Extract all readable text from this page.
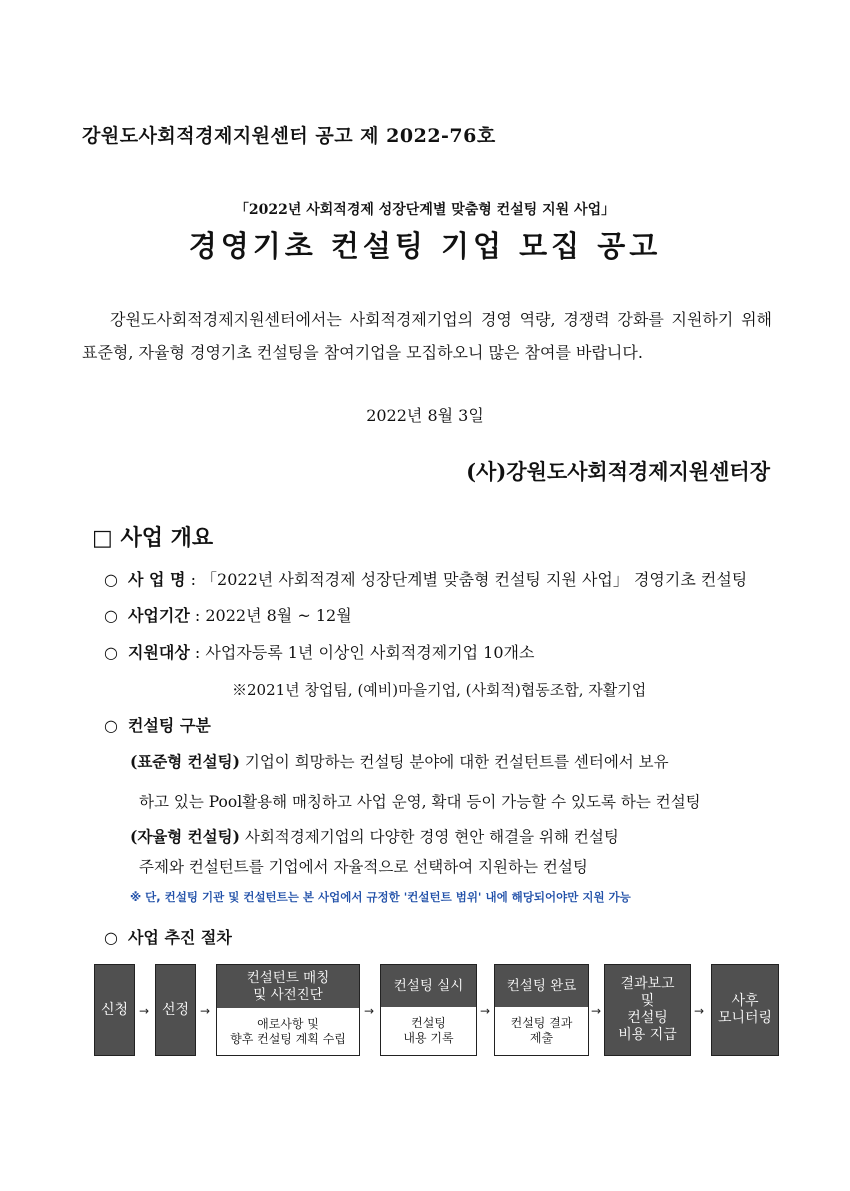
강원도사회적경제지원센터 공고 제 2022-76호
「2022년 사회적경제 성장단계별 맞춤형 컨설팅 지원 사업」
경영기초 컨설팅 기업 모집 공고
강원도사회적경제지원센터에서는 사회적경제기업의 경영 역량, 경쟁력 강화를 지원하기 위해 표준형, 자율형 경영기초 컨설팅을 참여기업을 모집하오니 많은 참여를 바랍니다.
2022년 8월 3일
(사)강원도사회적경제지원센터장
□ 사업 개요
○ 사 업 명 : 「2022년 사회적경제 성장단계별 맞춤형 컨설팅 지원 사업」 경영기초 컨설팅
○ 사업기간 : 2022년 8월 ~ 12월
○ 지원대상 : 사업자등록 1년 이상인 사회적경제기업 10개소
※2021년 창업팀, (예비)마을기업, (사회적)협동조합, 자활기업
○ 컨설팅 구분
(표준형 컨설팅) 기업이 희망하는 컨설팅 분야에 대한 컨설턴트를 센터에서 보유
하고 있는 Pool활용해 매칭하고 사업 운영, 확대 등이 가능할 수 있도록 하는 컨설팅
(자율형 컨설팅) 사회적경제기업의 다양한 경영 현안 해결을 위해 컨설팅
주제와 컨설턴트를 기업에서 자율적으로 선택하여 지원하는 컨설팅
※ 단, 컨설팅 기관 및 컨설턴트는 본 사업에서 규정한 '컨설턴트 범위' 내에 해당되어야만 지원 가능
○ 사업 추진 절차
신청 → 선정 →
컨설턴트 매칭
및 사전진단
애로사항 및
향후 컨설팅 계획 수립
→
컨설팅 실시
컨설팅
내용 기록
→
컨설팅 완료
컨설팅 결과
제출
→
결과보고
및
컨설팅
비용 지급
→
사후
모니터링
